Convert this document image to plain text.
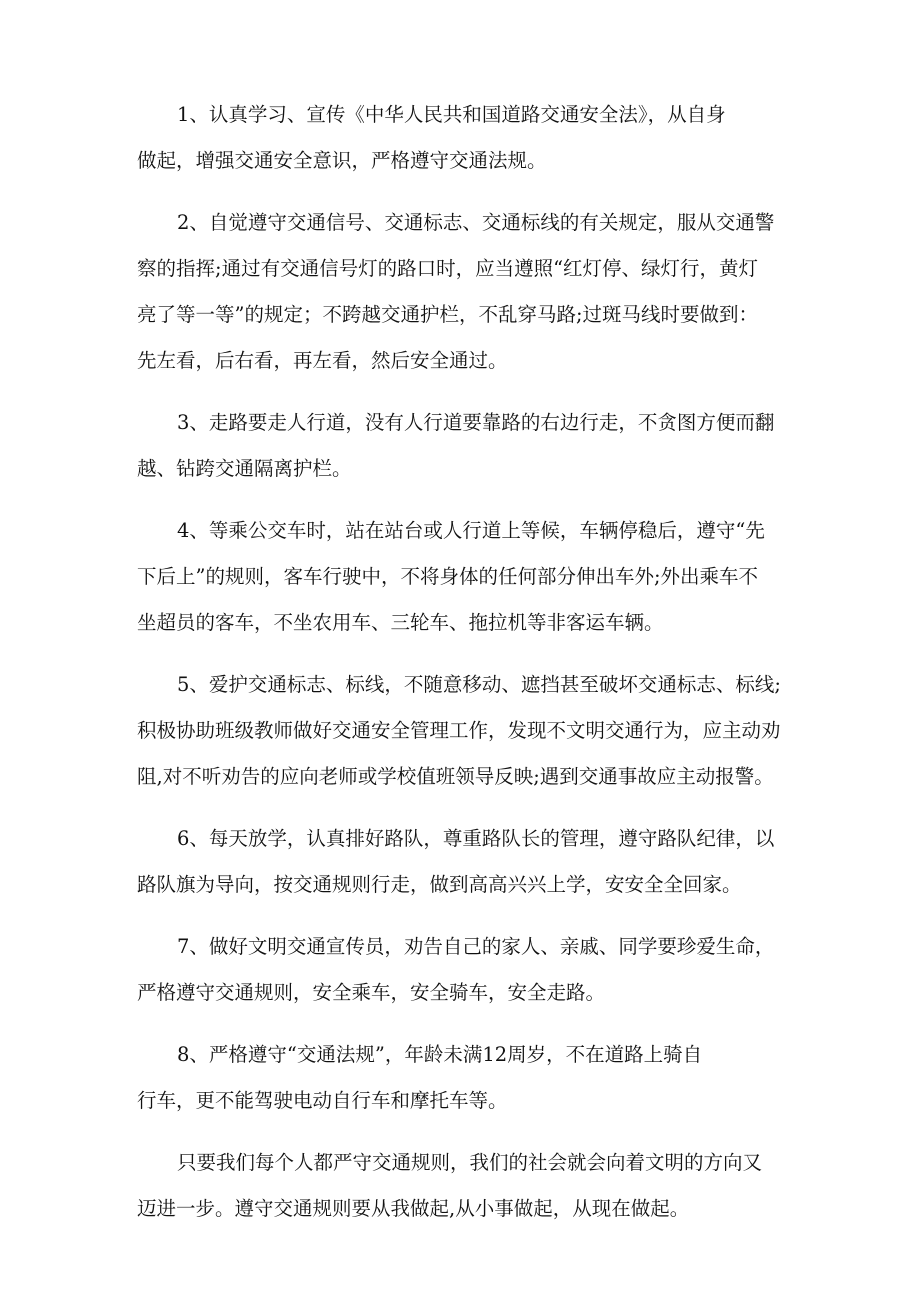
1、认真学习、宣传《中华人民共和国道路交通安全法》，从自身
做起，增强交通安全意识，严格遵守交通法规。

2、自觉遵守交通信号、交通标志、交通标线的有关规定，服从交通警
察的指挥;通过有交通信号灯的路口时，应当遵照“红灯停、绿灯行，黄灯
亮了等一等”的规定；不跨越交通护栏，不乱穿马路;过斑马线时要做到：
先左看，后右看，再左看，然后安全通过。

3、走路要走人行道，没有人行道要靠路的右边行走，不贪图方便而翻
越、钻跨交通隔离护栏。

4、等乘公交车时，站在站台或人行道上等候，车辆停稳后，遵守“先
下后上”的规则，客车行驶中，不将身体的任何部分伸出车外;外出乘车不
坐超员的客车，不坐农用车、三轮车、拖拉机等非客运车辆。

5、爱护交通标志、标线，不随意移动、遮挡甚至破坏交通标志、标线;
积极协助班级教师做好交通安全管理工作，发现不文明交通行为，应主动劝
阻,对不听劝告的应向老师或学校值班领导反映;遇到交通事故应主动报警。

6、每天放学，认真排好路队，尊重路队长的管理，遵守路队纪律，以
路队旗为导向，按交通规则行走，做到高高兴兴上学，安安全全回家。

7、做好文明交通宣传员，劝告自己的家人、亲戚、同学要珍爱生命，
严格遵守交通规则，安全乘车，安全骑车，安全走路。

8、严格遵守“交通法规”，年龄未满12周岁，不在道路上骑自
行车，更不能驾驶电动自行车和摩托车等。

只要我们每个人都严守交通规则，我们的社会就会向着文明的方向又
迈进一步。遵守交通规则要从我做起,从小事做起，从现在做起。
